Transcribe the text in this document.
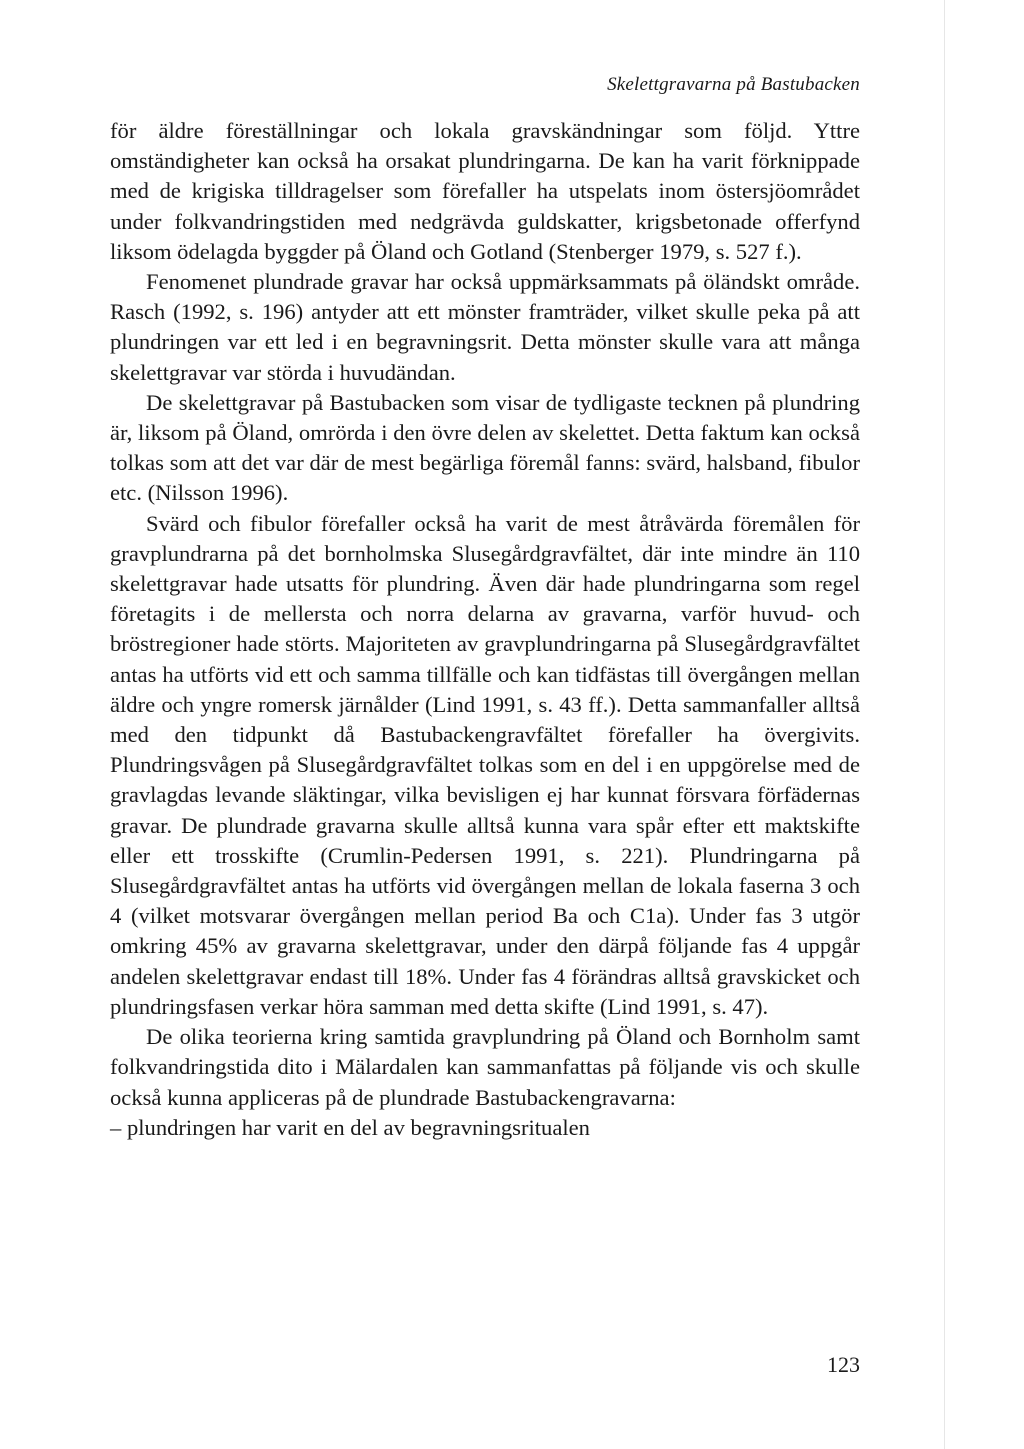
Skelettgravarna på Bastubacken

för äldre föreställningar och lokala gravskändningar som följd. Yttre omständigheter kan också ha orsakat plundringarna. De kan ha varit förknippade med de krigiska tilldragelser som förefaller ha utspelats inom östersjöområdet under folkvandringstiden med nedgrävda guldskatter, krigsbetonade offerfynd liksom ödelagda byggder på Öland och Gotland (Stenberger 1979, s. 527 f.).

Fenomenet plundrade gravar har också uppmärksammats på öländskt område. Rasch (1992, s. 196) antyder att ett mönster framträder, vilket skulle peka på att plundringen var ett led i en begravningsrit. Detta mönster skulle vara att många skelettgravar var störda i huvudändan.

De skelettgravar på Bastubacken som visar de tydligaste tecknen på plundring är, liksom på Öland, omrörda i den övre delen av skelettet. Detta faktum kan också tolkas som att det var där de mest begärliga föremål fanns: svärd, halsband, fibulor etc. (Nilsson 1996).

Svärd och fibulor förefaller också ha varit de mest åtråvärda föremålen för gravplundrarna på det bornholmska Slusegårdgravfältet, där inte mindre än 110 skelettgravar hade utsatts för plundring. Även där hade plundringarna som regel företagits i de mellersta och norra delarna av gravarna, varför huvud- och bröstregioner hade störts. Majoriteten av gravplundringarna på Slusegårdgravfältet antas ha utförts vid ett och samma tillfälle och kan tidfästas till övergången mellan äldre och yngre romersk järnålder (Lind 1991, s. 43 ff.). Detta sammanfaller alltså med den tidpunkt då Bastubackengravfältet förefaller ha övergivits. Plundringsvågen på Slusegårdgravfältet tolkas som en del i en uppgörelse med de gravlagdas levande släktingar, vilka bevisligen ej har kunnat försvara förfädernas gravar. De plundrade gravarna skulle alltså kunna vara spår efter ett maktskifte eller ett trosskifte (Crumlin-Pedersen 1991, s. 221). Plundringarna på Slusegårdgravfältet antas ha utförts vid övergången mellan de lokala faserna 3 och 4 (vilket motsvarar övergången mellan period Ba och C1a). Under fas 3 utgör omkring 45% av gravarna skelettgravar, under den därpå följande fas 4 uppgår andelen skelettgravar endast till 18%. Under fas 4 förändras alltså gravskicket och plundringsfasen verkar höra samman med detta skifte (Lind 1991, s. 47).

De olika teorierna kring samtida gravplundring på Öland och Bornholm samt folkvandringstida dito i Mälardalen kan sammanfattas på följande vis och skulle också kunna appliceras på de plundrade Bastubackengravarna:

– plundringen har varit en del av begravningsritualen

123
